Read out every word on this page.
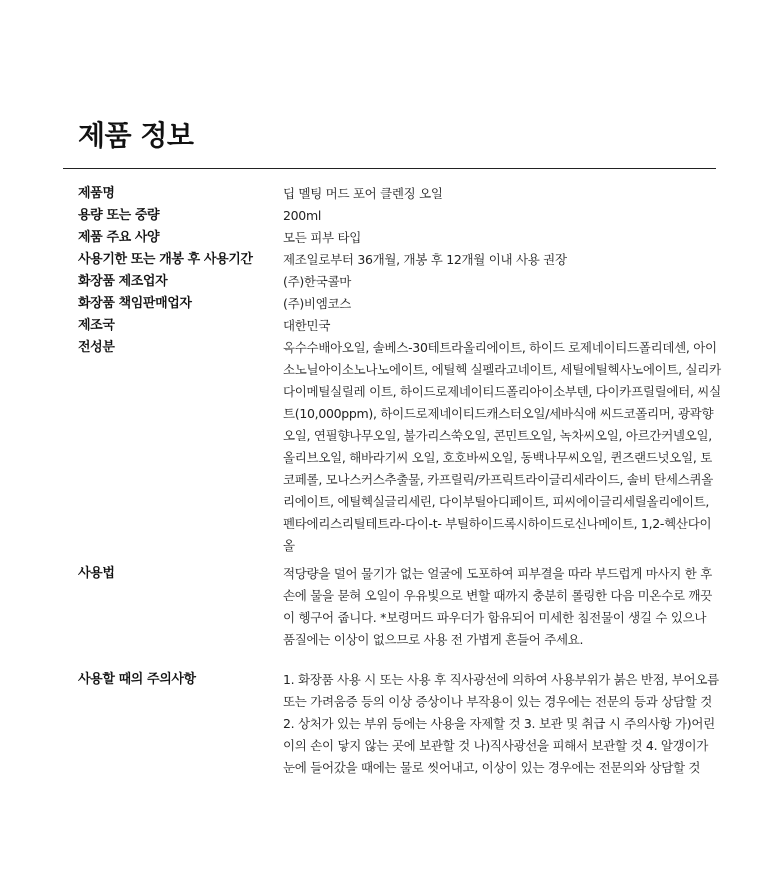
제품 정보
제품명	딥 멜팅 머드 포어 클렌징 오일
용량 또는 중량	200ml
제품 주요 사양	모든 피부 타입
사용기한 또는 개봉 후 사용기간	제조일로부터 36개월, 개봉 후 12개월 이내 사용 권장
화장품 제조업자	(주)한국콜마
화장품 책임판매업자	(주)비엠코스
제조국	대한민국
전성분	옥수수배아오일, 솔베스-30테트라올리에이트, 하이드 로제네이티드폴리데센, 아이소노닐아이소노나노에이트, 에틸헥 실펠라고네이트, 세틸에틸헥사노에이트, 실리카다이메틸실릴레 이트, 하이드로제네이티드폴리아이소부텐, 다이카프릴릴에터, 씨실트(10,000ppm), 하이드로제네이티드캐스터오일/세바식애 씨드코폴리머, 광곽향오일, 연필향나무오일, 불가리스쑥오일, 콘민트오일, 녹차씨오일, 아르간커넬오일, 올리브오일, 해바라기씨 오일, 호호바씨오일, 동백나무씨오일, 퀸즈랜드넛오일, 토코페롤, 모나스커스추출물, 카프릴릭/카프릭트라이글리세라이드, 솔비 탄세스퀴올리에이트, 에틸헥실글리세린, 다이부틸아디페이트, 피씨에이글리세릴올리에이트, 펜타에리스리틸테트라-다이-t- 부틸하이드록시하이드로신나메이트, 1,2-헥산다이올
사용법	적당량을 덜어 물기가 없는 얼굴에 도포하여 피부결을 따라 부드럽게 마사지 한 후 손에 물을 묻혀 오일이 우유빛으로 변할 때까지 충분히 롤링한 다음 미온수로 깨끗이 헹구어 줍니다. *보령머드 파우더가 함유되어 미세한 침전물이 생길 수 있으나 품질에는 이상이 없으므로 사용 전 가볍게 흔들어 주세요.
사용할 때의 주의사항	1. 화장품 사용 시 또는 사용 후 직사광선에 의하여 사용부위가 붉은 반점, 부어오름 또는 가려움증 등의 이상 증상이나 부작용이 있는 경우에는 전문의 등과 상담할 것 2. 상처가 있는 부위 등에는 사용을 자제할 것 3. 보관 및 취급 시 주의사항 가)어린이의 손이 닿지 않는 곳에 보관할 것 나)직사광선을 피해서 보관할 것 4. 알갱이가 눈에 들어갔을 때에는 물로 씻어내고, 이상이 있는 경우에는 전문의와 상담할 것
